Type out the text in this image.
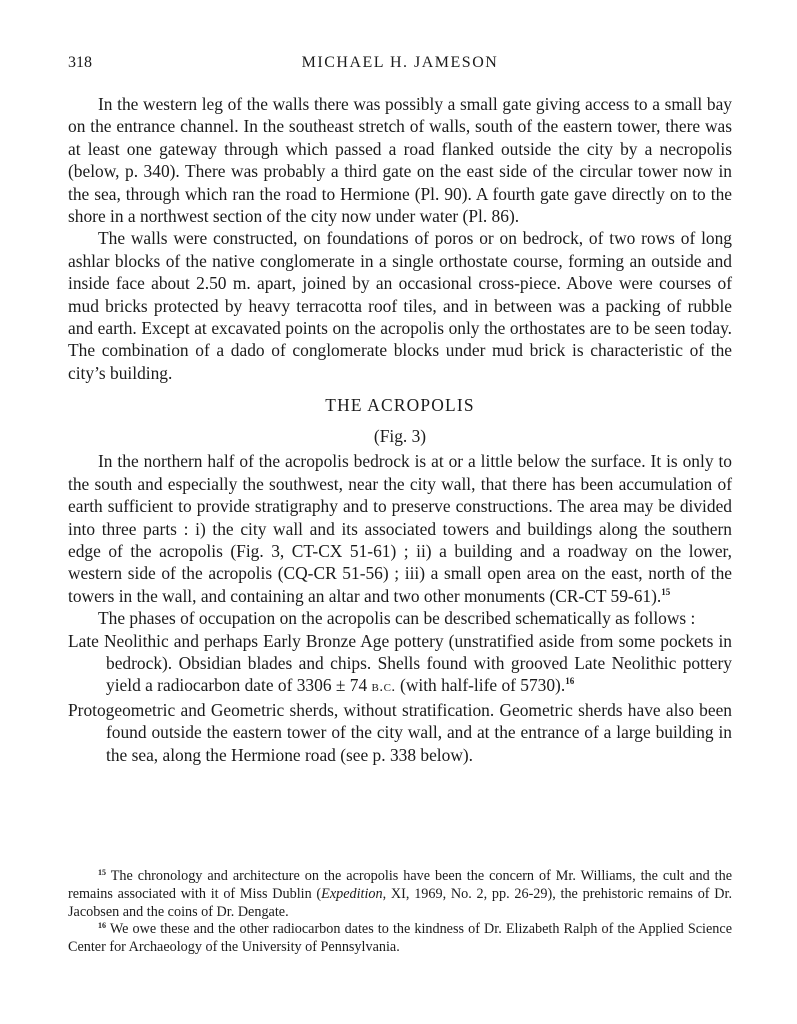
318	MICHAEL H. JAMESON

In the western leg of the walls there was possibly a small gate giving access to a small bay on the entrance channel. In the southeast stretch of walls, south of the eastern tower, there was at least one gateway through which passed a road flanked outside the city by a necropolis (below, p. 340). There was probably a third gate on the east side of the circular tower now in the sea, through which ran the road to Hermione (Pl. 90). A fourth gate gave directly on to the shore in a northwest section of the city now under water (Pl. 86).

The walls were constructed, on foundations of poros or on bedrock, of two rows of long ashlar blocks of the native conglomerate in a single orthostate course, forming an outside and inside face about 2.50 m. apart, joined by an occasional cross-piece. Above were courses of mud bricks protected by heavy terracotta roof tiles, and in between was a packing of rubble and earth. Except at excavated points on the acropolis only the orthostates are to be seen today. The combination of a dado of conglomerate blocks under mud brick is characteristic of the city’s building.

THE ACROPOLIS
(Fig. 3)

In the northern half of the acropolis bedrock is at or a little below the surface. It is only to the south and especially the southwest, near the city wall, that there has been accumulation of earth sufficient to provide stratigraphy and to preserve constructions. The area may be divided into three parts : i) the city wall and its associated towers and buildings along the southern edge of the acropolis (Fig. 3, CT-CX 51-61) ; ii) a building and a roadway on the lower, western side of the acropolis (CQ-CR 51-56) ; iii) a small open area on the east, north of the towers in the wall, and containing an altar and two other monuments (CR-CT 59-61).$^{15}$

The phases of occupation on the acropolis can be described schematically as follows :

Late Neolithic and perhaps Early Bronze Age pottery (unstratified aside from some pockets in bedrock). Obsidian blades and chips. Shells found with grooved Late Neolithic pottery yield a radiocarbon date of 3306 ± 74 b.c. (with half-life of 5730).$^{16}$

Protogeometric and Geometric sherds, without stratification. Geometric sherds have also been found outside the eastern tower of the city wall, and at the entrance of a large building in the sea, along the Hermione road (see p. 338 below).

$^{15}$ The chronology and architecture on the acropolis have been the concern of Mr. Williams, the cult and the remains associated with it of Miss Dublin (Expedition, XI, 1969, No. 2, pp. 26-29), the prehistoric remains of Dr. Jacobsen and the coins of Dr. Dengate.

$^{16}$ We owe these and the other radiocarbon dates to the kindness of Dr. Elizabeth Ralph of the Applied Science Center for Archaeology of the University of Pennsylvania.
